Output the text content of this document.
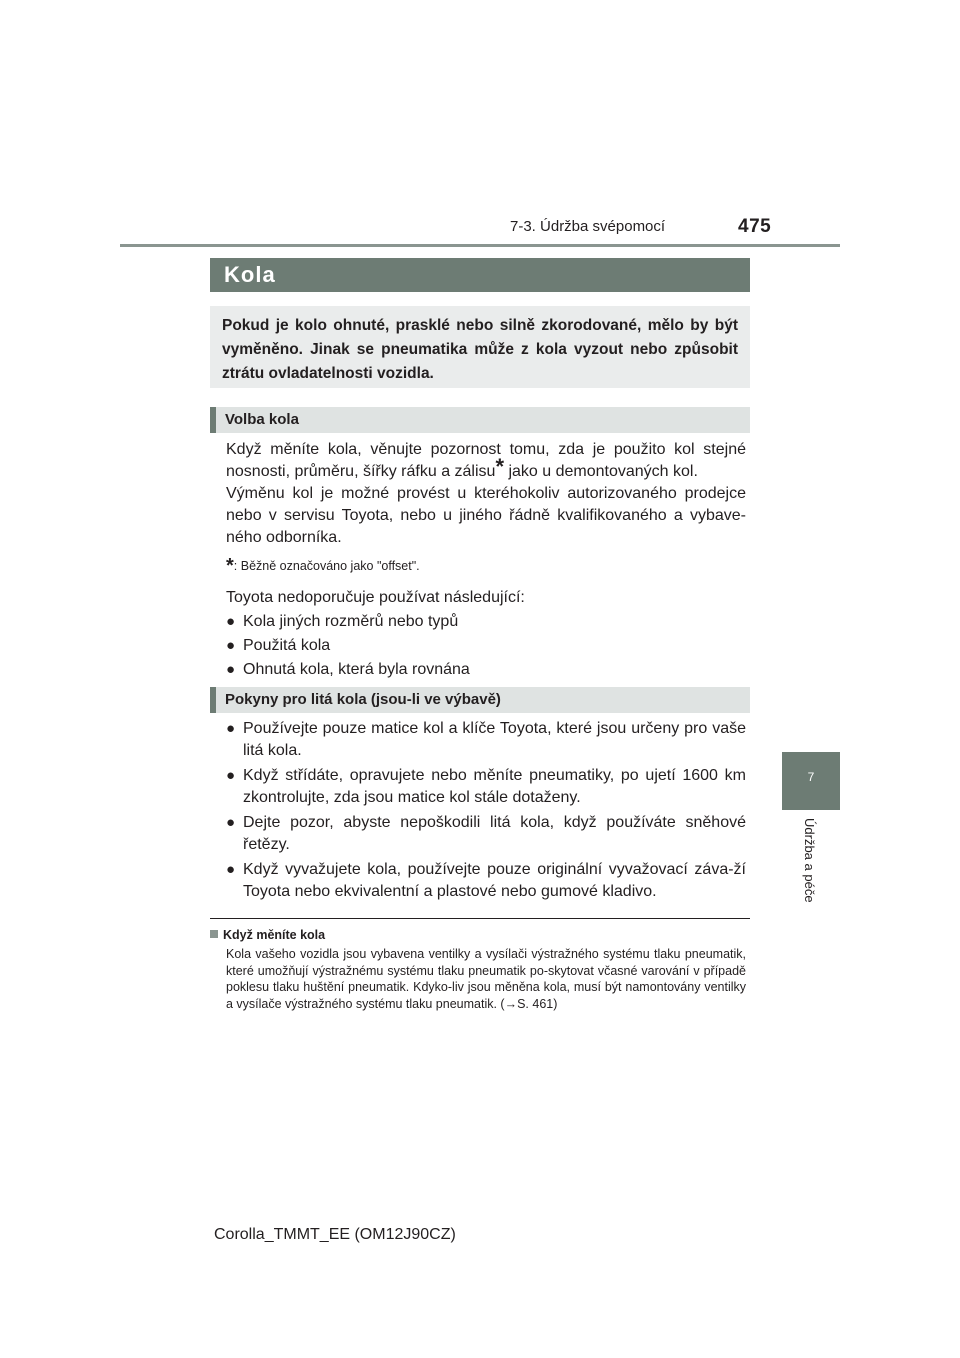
7-3. Údržba svépomocí	475
7
Údržba a péče
Kola
Pokud je kolo ohnuté, prasklé nebo silně zkorodované, mělo by být vyměněno. Jinak se pneumatika může z kola vyzout nebo způsobit ztrátu ovladatelnosti vozidla.
Volba kola

Když měníte kola, věnujte pozornost tomu, zda je použito kol stejné nosnosti, průměru, šířky ráfku a zálisu* jako u demontovaných kol.

Výměnu kol je možné provést u kteréhokoliv autorizovaného prodejce nebo v servisu Toyota, nebo u jiného řádně kvalifikovaného a vybave-ného odborníka.

*: Běžně označováno jako "offset".

Toyota nedoporučuje používat následující:

● Kola jiných rozměrů nebo typů
● Použitá kola
● Ohnutá kola, která byla rovnána
Pokyny pro litá kola (jsou-li ve výbavě)
● Používejte pouze matice kol a klíče Toyota, které jsou určeny pro vaše litá kola.
● Když střídáte, opravujete nebo měníte pneumatiky, po ujetí 1600 km zkontrolujte, zda jsou matice kol stále dotaženy.
● Dejte pozor, abyste nepoškodili litá kola, když používáte sněhové řetězy.
● Když vyvažujete kola, používejte pouze originální vyvažovací záva-ží Toyota nebo ekvivalentní a plastové nebo gumové kladivo.
Když měníte kola
Kola vašeho vozidla jsou vybavena ventilky a vysílači výstražného systému tlaku pneumatik, které umožňují výstražnému systému tlaku pneumatik po-skytovat včasné varování v případě poklesu tlaku huštění pneumatik. Kdyko-liv jsou měněna kola, musí být namontovány ventilky a vysílače výstražného systému tlaku pneumatik. (→S. 461)
Corolla_TMMT_EE (OM12J90CZ)
